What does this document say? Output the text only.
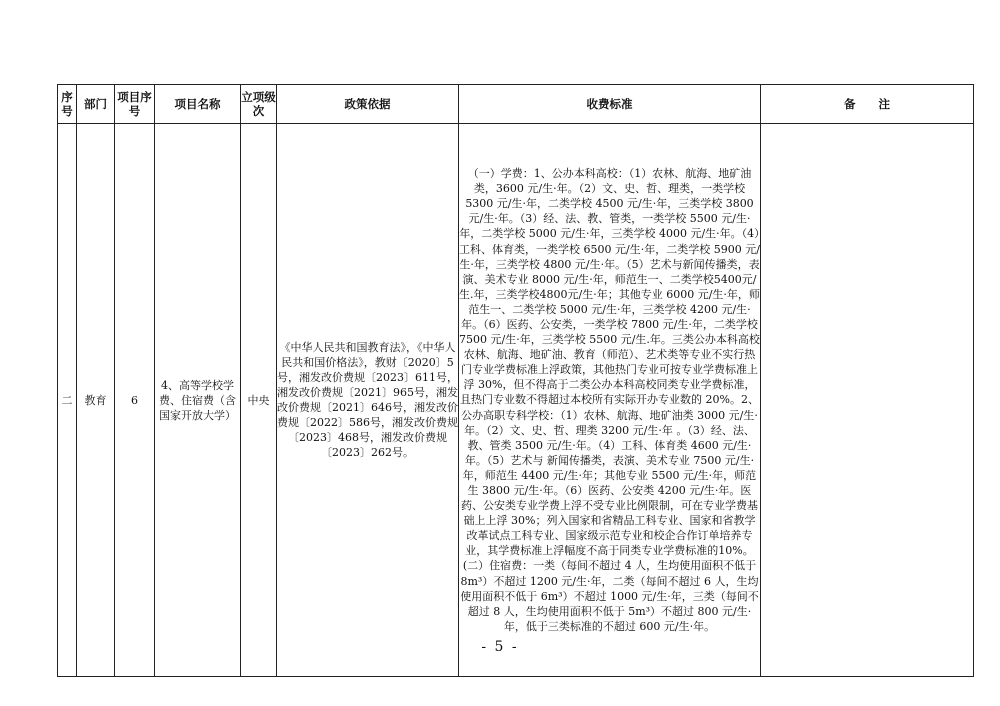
序号	部门	项目序号	项目名称	立项级次	政策依据	收费标准	备　　注
二	教育	6	4、高等学校学费、住宿费（含国家开放大学）	中央	《中华人民共和国教育法》，《中华人民共和国价格法》，教财〔2020〕5号，湘发改价费规〔2023〕611号，湘发改价费规〔2021〕965号，湘发改价费规〔2021〕646号，湘发改价费规〔2022〕586号，湘发改价费规〔2023〕468号，湘发改价费规〔2023〕262号。	（一）学费：1、公办本科高校：（1）农林、航海、地矿油类，3600 元/生·年。（2）文、史、哲、理类，一类学校 5300 元/生·年，二类学校 4500 元/生·年，三类学校 3800 元/生·年。（3）经、法、教、管类，一类学校 5500 元/生·年，二类学校 5000 元/生·年，三类学校 4000 元/生·年。（4）工科、体育类，一类学校 6500 元/生·年，二类学校 5900 元/生·年，三类学校 4800 元/生·年。（5）艺术与新闻传播类，表演、美术专业 8000 元/生·年，师范生一、二类学校5400元/生.年，三类学校4800元/生·年；其他专业 6000 元/生·年，师范生一、二类学校 5000 元/生·年，三类学校 4200 元/生·年。（6）医药、公安类，一类学校 7800 元/生·年，二类学校 7500 元/生·年，三类学校 5500 元/生.年。三类公办本科高校农林、航海、地矿油、教育（师范）、艺术类等专业不实行热门专业学费标准上浮政策，其他热门专业可按专业学费标准上浮 30%，但不得高于二类公办本科高校同类专业学费标准，且热门专业数不得超过本校所有实际开办专业数的 20%。2、公办高职专科学校：（1）农林、航海、地矿油类 3000 元/生·年。（2）文、史、哲、理类 3200 元/生·年 。（3）经、法、教、管类 3500 元/生·年。（4）工科、体育类 4600 元/生·年。（5）艺术与 新闻传播类，表演、美术专业 7500 元/生·年，师范生 4400 元/生·年；其他专业 5500 元/生·年，师范生 3800 元/生·年。（6）医药、公安类 4200 元/生·年。医药、公安类专业学费上浮不受专业比例限制，可在专业学费基础上上浮 30%；列入国家和省精品工科专业、国家和省教学改革试点工科专业、国家级示范专业和校企合作订单培养专业，其学费标准上浮幅度不高于同类专业学费标准的10%。

(二）住宿费：一类（每间不超过 4 人，生均使用面积不低于 8m³）不超过 1200 元/生·年，二类（每间不超过 6 人，生均使用面积不低于 6m³）不超过 1000 元/生·年，三类（每间不超过 8 人，生均使用面积不低于 5m³）不超过 800 元/生·年，低于三类标准的不超过 600 元/生·年。	

- 5 -
